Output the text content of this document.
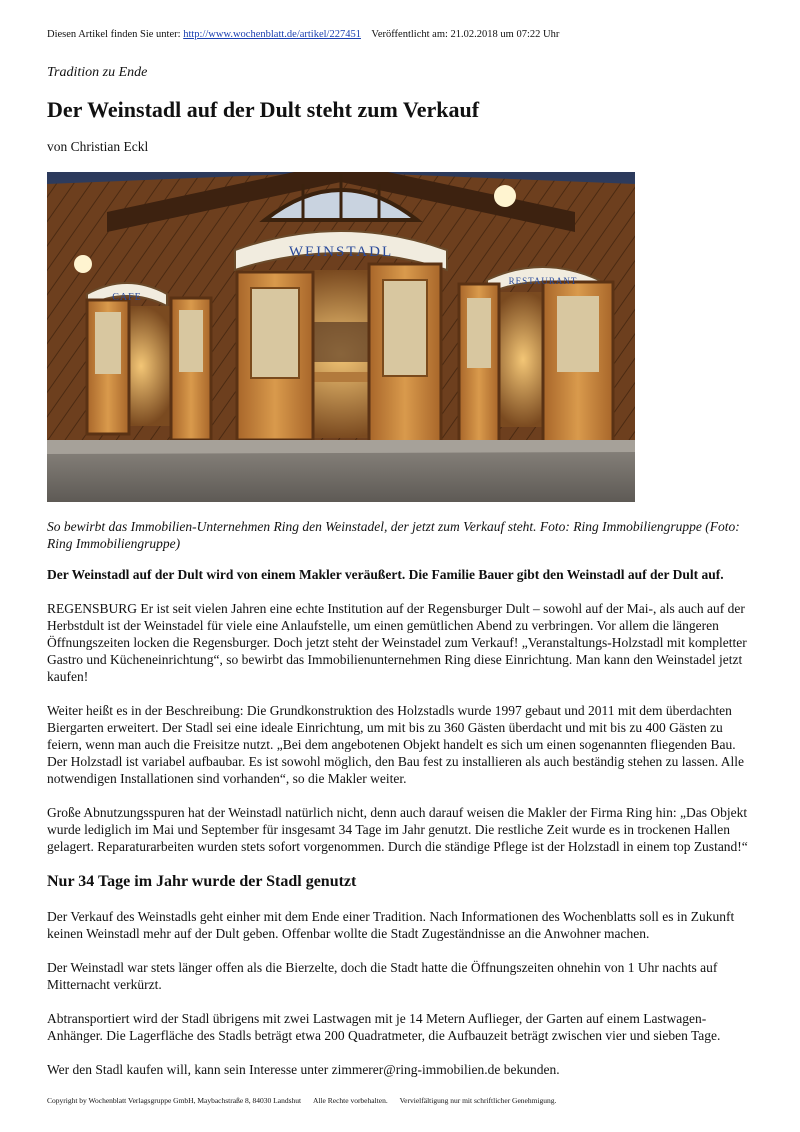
Diesen Artikel finden Sie unter: http://www.wochenblatt.de/artikel/227451 Veröffentlicht am: 21.02.2018 um 07:22 Uhr
Tradition zu Ende
Der Weinstadl auf der Dult steht zum Verkauf
von Christian Eckl
WEINSTADL
CAFE
RESTAURANT
So bewirbt das Immobilien-Unternehmen Ring den Weinstadel, der jetzt zum Verkauf steht. Foto: Ring Immobiliengruppe (Foto: Ring Immobiliengruppe)
Der Weinstadl auf der Dult wird von einem Makler veräußert. Die Familie Bauer gibt den Weinstadl auf der Dult auf.

REGENSBURG Er ist seit vielen Jahren eine echte Institution auf der Regensburger Dult – sowohl auf der Mai-, als auch auf der Herbstdult ist der Weinstadel für viele eine Anlaufstelle, um einen gemütlichen Abend zu verbringen. Vor allem die längeren Öffnungszeiten locken die Regensburger. Doch jetzt steht der Weinstadel zum Verkauf! „Veranstaltungs-Holzstadl mit kompletter Gastro und Kücheneinrichtung“, so bewirbt das Immobilienunternehmen Ring diese Einrichtung. Man kann den Weinstadel jetzt kaufen!

Weiter heißt es in der Beschreibung: Die Grundkonstruktion des Holzstadls wurde 1997 gebaut und 2011 mit dem überdachten Biergarten erweitert. Der Stadl sei eine ideale Einrichtung, um mit bis zu 360 Gästen überdacht und mit bis zu 400 Gästen zu feiern, wenn man auch die Freisitze nutzt. „Bei dem angebotenen Objekt handelt es sich um einen sogenannten fliegenden Bau. Der Holzstadl ist variabel aufbaubar. Es ist sowohl möglich, den Bau fest zu installieren als auch beständig stehen zu lassen. Alle notwendigen Installationen sind vorhanden“, so die Makler weiter.

Große Abnutzungsspuren hat der Weinstadl natürlich nicht, denn auch darauf weisen die Makler der Firma Ring hin: „Das Objekt wurde lediglich im Mai und September für insgesamt 34 Tage im Jahr genutzt. Die restliche Zeit wurde es in trockenen Hallen gelagert. Reparaturarbeiten wurden stets sofort vorgenommen. Durch die ständige Pflege ist der Holzstadl in einem top Zustand!“

Nur 34 Tage im Jahr wurde der Stadl genutzt

Der Verkauf des Weinstadls geht einher mit dem Ende einer Tradition. Nach Informationen des Wochenblatts soll es in Zukunft keinen Weinstadl mehr auf der Dult geben. Offenbar wollte die Stadt Zugeständnisse an die Anwohner machen.

Der Weinstadl war stets länger offen als die Bierzelte, doch die Stadt hatte die Öffnungszeiten ohnehin von 1 Uhr nachts auf Mitternacht verkürzt.

Abtransportiert wird der Stadl übrigens mit zwei Lastwagen mit je 14 Metern Auflieger, der Garten auf einem Lastwagen-Anhänger. Die Lagerfläche des Stadls beträgt etwa 200 Quadratmeter, die Aufbauzeit beträgt zwischen vier und sieben Tage.

Wer den Stadl kaufen will, kann sein Interesse unter zimmerer@ring-immobilien.de bekunden.

Copyright by Wochenblatt Verlagsgruppe GmbH, Maybachstraße 8, 84030 Landshut Alle Rechte vorbehalten. Vervielfältigung nur mit schriftlicher Genehmigung.
